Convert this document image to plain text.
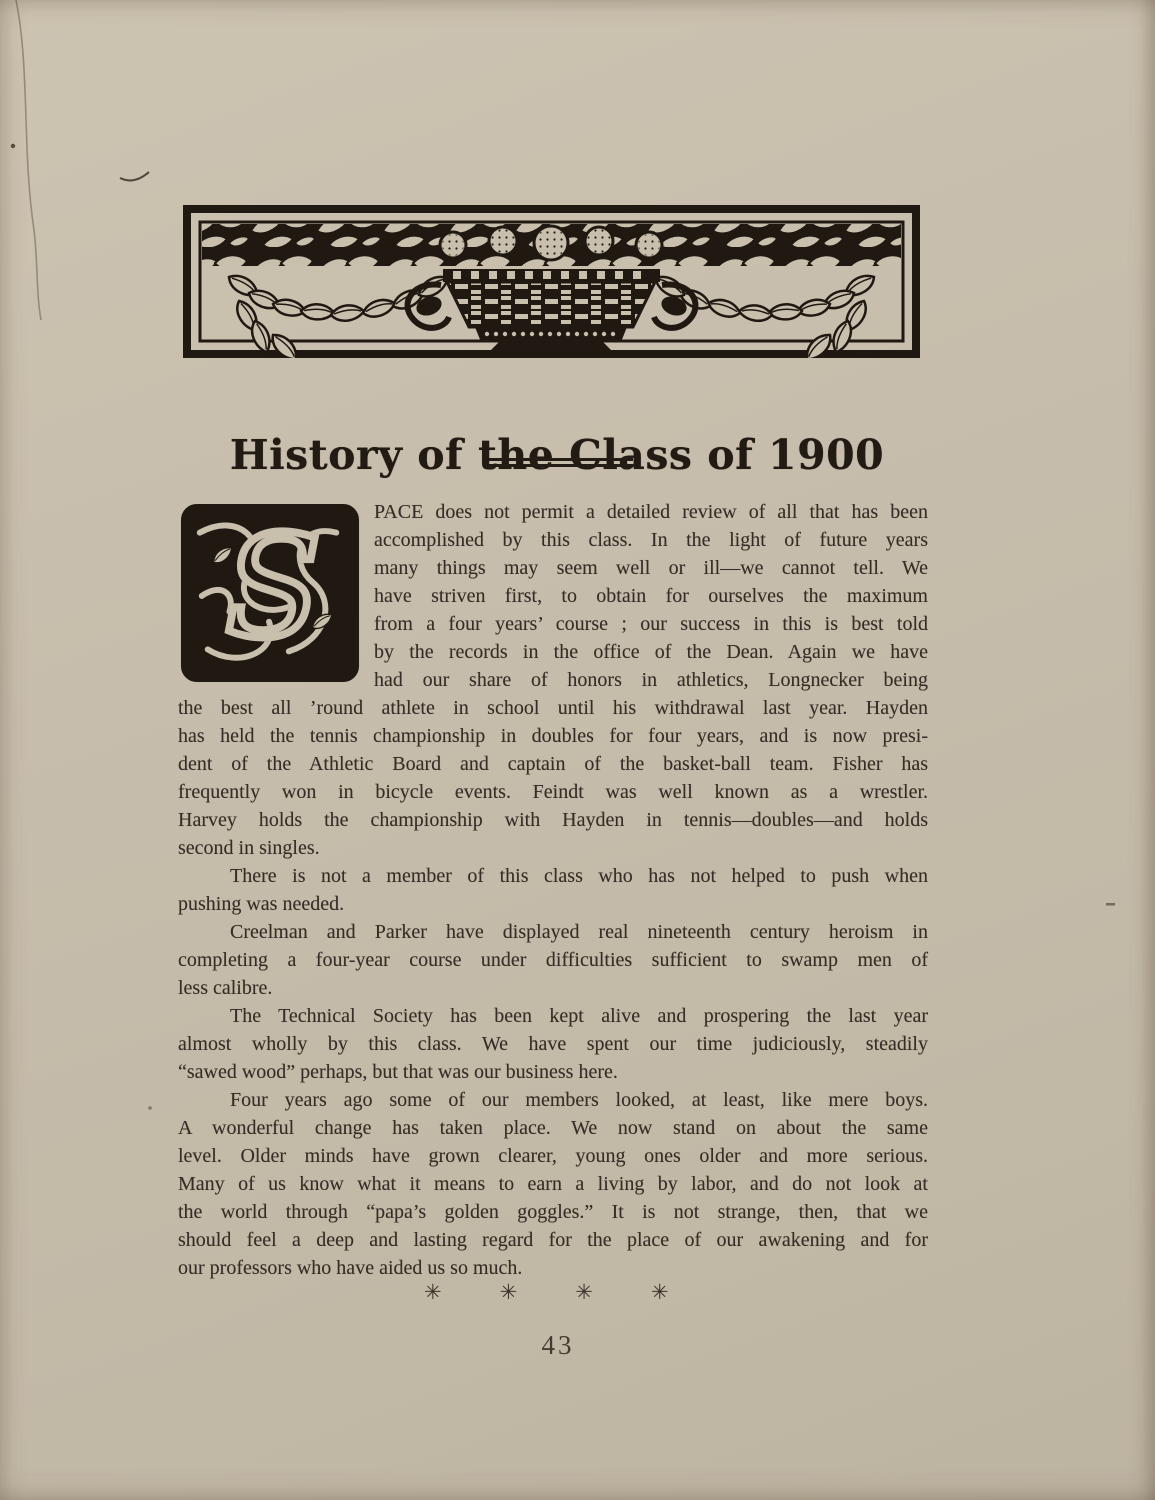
History of the Class of 1900
S	PACE does not permit a detailed review of all that has been
accomplished by this class. In the light of future years
many things may seem well or ill—we cannot tell. We
have striven first, to obtain for ourselves the maximum
from a four years’ course ; our success in this is best told
by the records in the office of the Dean. Again we have
had our share of honors in athletics, Longnecker being
the best all ’round athlete in school until his withdrawal last year. Hayden
has held the tennis championship in doubles for four years, and is now presi-
dent of the Athletic Board and captain of the basket-ball team. Fisher has
frequently won in bicycle events. Feindt was well known as a wrestler.
Harvey holds the championship with Hayden in tennis—doubles—and holds
second in singles.
There is not a member of this class who has not helped to push when
pushing was needed.
Creelman and Parker have displayed real nineteenth century heroism in
completing a four-year course under difficulties sufficient to swamp men of
less calibre.
The Technical Society has been kept alive and prospering the last year
almost wholly by this class. We have spent our time judiciously, steadily
“sawed wood” perhaps, but that was our business here.
Four years ago some of our members looked, at least, like mere boys.
A wonderful change has taken place. We now stand on about the same
level. Older minds have grown clearer, young ones older and more serious.
Many of us know what it means to earn a living by labor, and do not look at
the world through “papa’s golden goggles.” It is not strange, then, that we
should feel a deep and lasting regard for the place of our awakening and for
our professors who have aided us so much.
✳	✳	✳	✳
43
